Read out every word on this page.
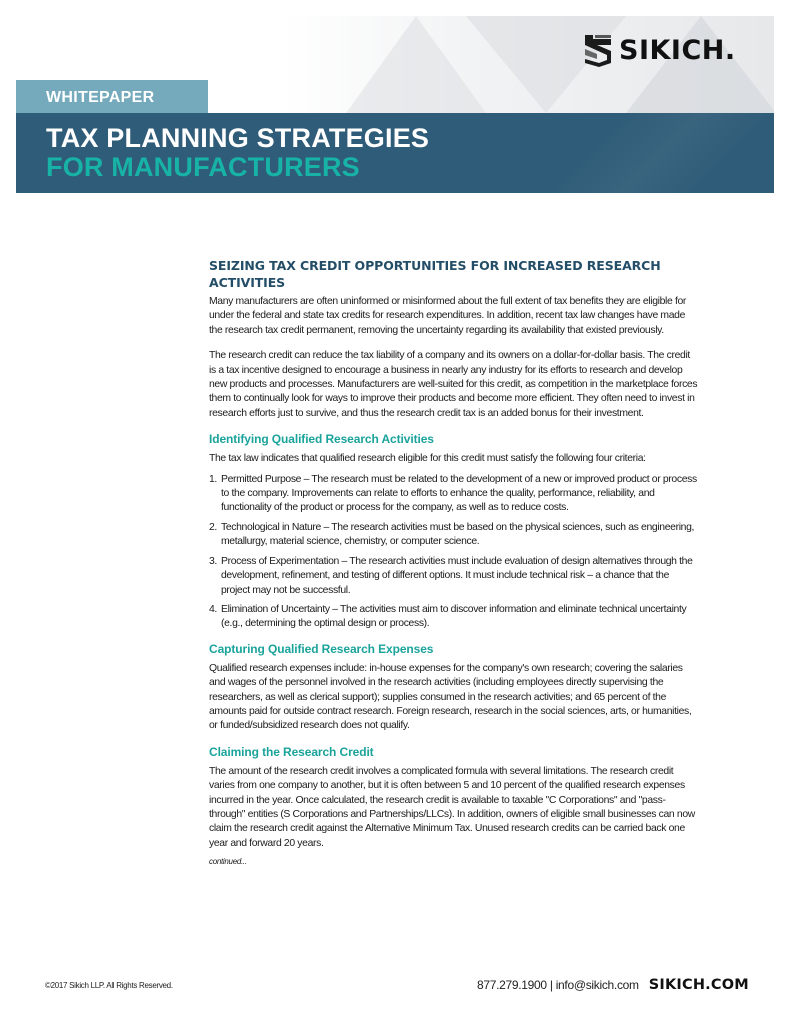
SIKICH.
WHITEPAPER
TAX PLANNING STRATEGIES
FOR MANUFACTURERS
SEIZING TAX CREDIT OPPORTUNITIES FOR INCREASED RESEARCH ACTIVITIES

Many manufacturers are often uninformed or misinformed about the full extent of tax benefits they are eligible for under the federal and state tax credits for research expenditures. In addition, recent tax law changes have made the research tax credit permanent, removing the uncertainty regarding its availability that existed previously.

The research credit can reduce the tax liability of a company and its owners on a dollar-for-dollar basis. The credit is a tax incentive designed to encourage a business in nearly any industry for its efforts to research and develop new products and processes. Manufacturers are well-suited for this credit, as competition in the marketplace forces them to continually look for ways to improve their products and become more efficient. They often need to invest in research efforts just to survive, and thus the research credit tax is an added bonus for their investment.

Identifying Qualified Research Activities

The tax law indicates that qualified research eligible for this credit must satisfy the following four criteria:

1. Permitted Purpose – The research must be related to the development of a new or improved product or process to the company. Improvements can relate to efforts to enhance the quality, performance, reliability, and functionality of the product or process for the company, as well as to reduce costs.
2. Technological in Nature – The research activities must be based on the physical sciences, such as engineering, metallurgy, material science, chemistry, or computer science.
3. Process of Experimentation – The research activities must include evaluation of design alternatives through the development, refinement, and testing of different options. It must include technical risk – a chance that the project may not be successful.
4. Elimination of Uncertainty – The activities must aim to discover information and eliminate technical uncertainty (e.g., determining the optimal design or process).
Capturing Qualified Research Expenses

Qualified research expenses include: in-house expenses for the company's own research; covering the salaries and wages of the personnel involved in the research activities (including employees directly supervising the researchers, as well as clerical support); supplies consumed in the research activities; and 65 percent of the amounts paid for outside contract research. Foreign research, research in the social sciences, arts, or humanities, or funded/subsidized research does not qualify.

Claiming the Research Credit

The amount of the research credit involves a complicated formula with several limitations. The research credit varies from one company to another, but it is often between 5 and 10 percent of the qualified research expenses incurred in the year. Once calculated, the research credit is available to taxable "C Corporations" and "pass-through" entities (S Corporations and Partnerships/LLCs). In addition, owners of eligible small businesses can now claim the research credit against the Alternative Minimum Tax. Unused research credits can be carried back one year and forward 20 years.

continued...
©2017 Sikich LLP. All Rights Reserved.	877.279.1900 | info@sikich.com SIKICH.COM
